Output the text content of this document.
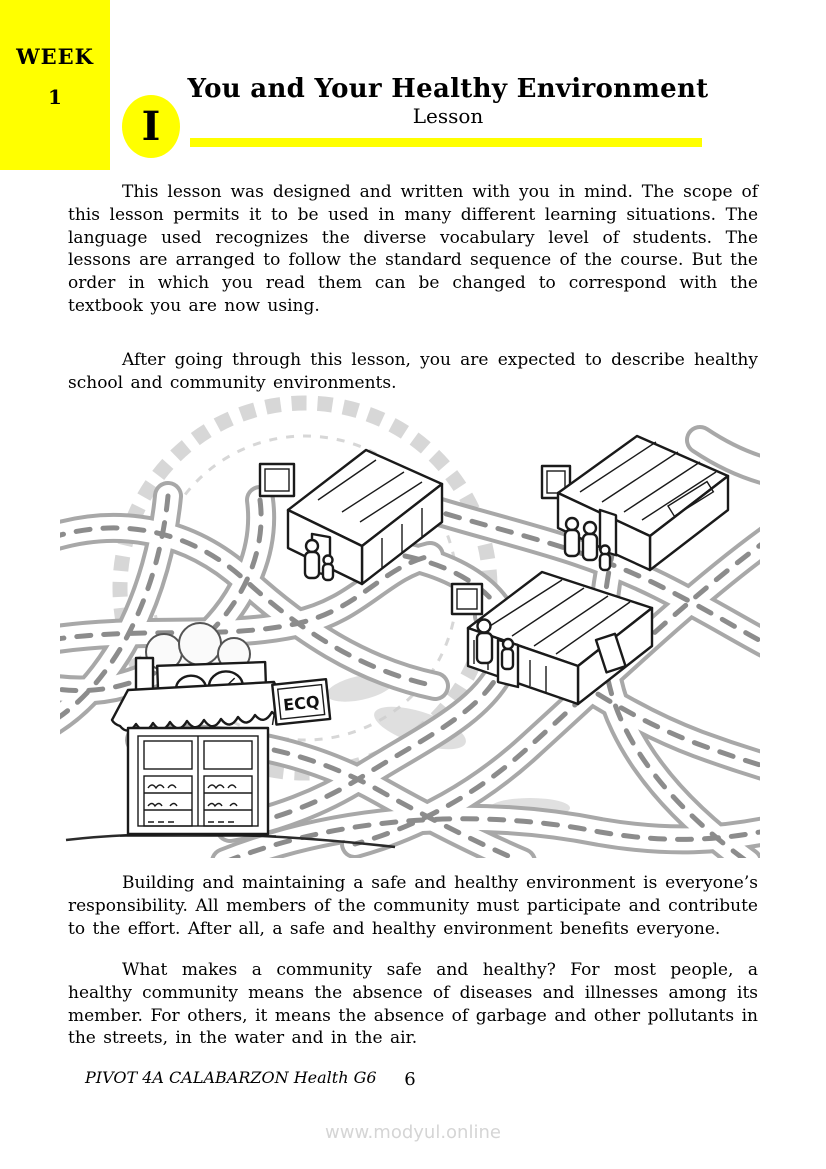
WEEK
1
I
You and Your Healthy Environment
Lesson

This lesson was designed and written with you in mind. The scope of this lesson permits it to be used in many different learning situations. The language used recognizes the diverse vocabulary level of students. The lessons are arranged to follow the standard sequence of the course. But the order in which you read them can be changed to correspond with the textbook you are now using.

After going through this lesson, you are expected to describe healthy school and community environments.

ECQ

Building and maintaining a safe and healthy environment is everyone’s responsibility. All members of the community must participate and contribute to the effort. After all, a safe and healthy environment benefits everyone.

What makes a community safe and healthy? For most people, a healthy community means the absence of diseases and illnesses among its member. For others, it means the absence of garbage and other pollutants in the streets, in the water and in the air.

PIVOT 4A CALABARZON Health G6	6
www.modyul.online
